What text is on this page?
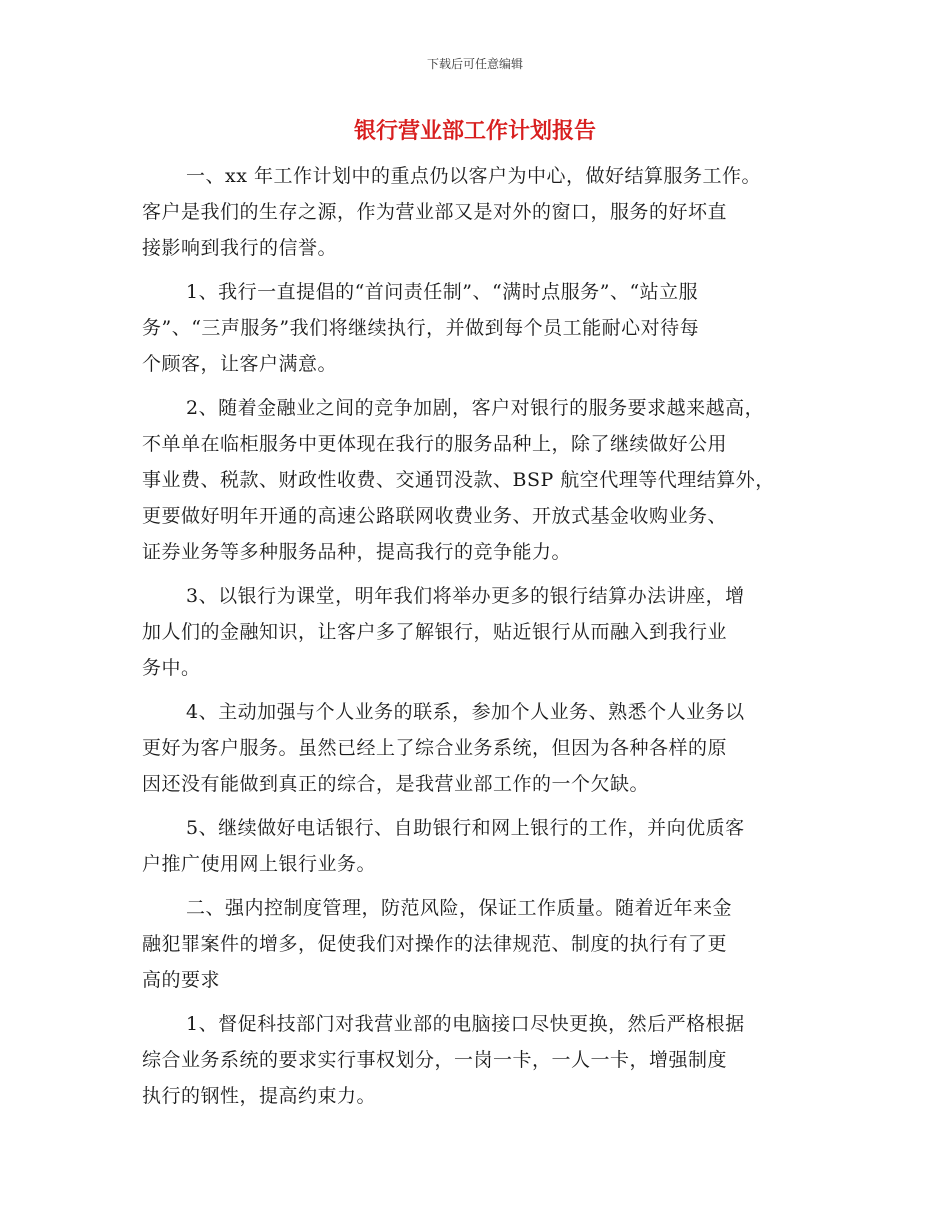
下载后可任意编辑
银行营业部工作计划报告
一、xx 年工作计划中的重点仍以客户为中心，做好结算服务工作。
客户是我们的生存之源，作为营业部又是对外的窗口，服务的好坏直
接影响到我行的信誉。
1、我行一直提倡的“首问责任制”、“满时点服务”、“站立服
务”、“三声服务”我们将继续执行，并做到每个员工能耐心对待每
个顾客，让客户满意。
2、随着金融业之间的竞争加剧，客户对银行的服务要求越来越高，
不单单在临柜服务中更体现在我行的服务品种上，除了继续做好公用
事业费、税款、财政性收费、交通罚没款、BSP 航空代理等代理结算外，
更要做好明年开通的高速公路联网收费业务、开放式基金收购业务、
证券业务等多种服务品种，提高我行的竞争能力。
3、以银行为课堂，明年我们将举办更多的银行结算办法讲座，增
加人们的金融知识，让客户多了解银行，贴近银行从而融入到我行业
务中。
4、主动加强与个人业务的联系，参加个人业务、熟悉个人业务以
更好为客户服务。虽然已经上了综合业务系统，但因为各种各样的原
因还没有能做到真正的综合，是我营业部工作的一个欠缺。
5、继续做好电话银行、自助银行和网上银行的工作，并向优质客
户推广使用网上银行业务。
二、强内控制度管理，防范风险，保证工作质量。随着近年来金
融犯罪案件的增多，促使我们对操作的法律规范、制度的执行有了更
高的要求
1、督促科技部门对我营业部的电脑接口尽快更换，然后严格根据
综合业务系统的要求实行事权划分，一岗一卡，一人一卡，增强制度
执行的钢性，提高约束力。
